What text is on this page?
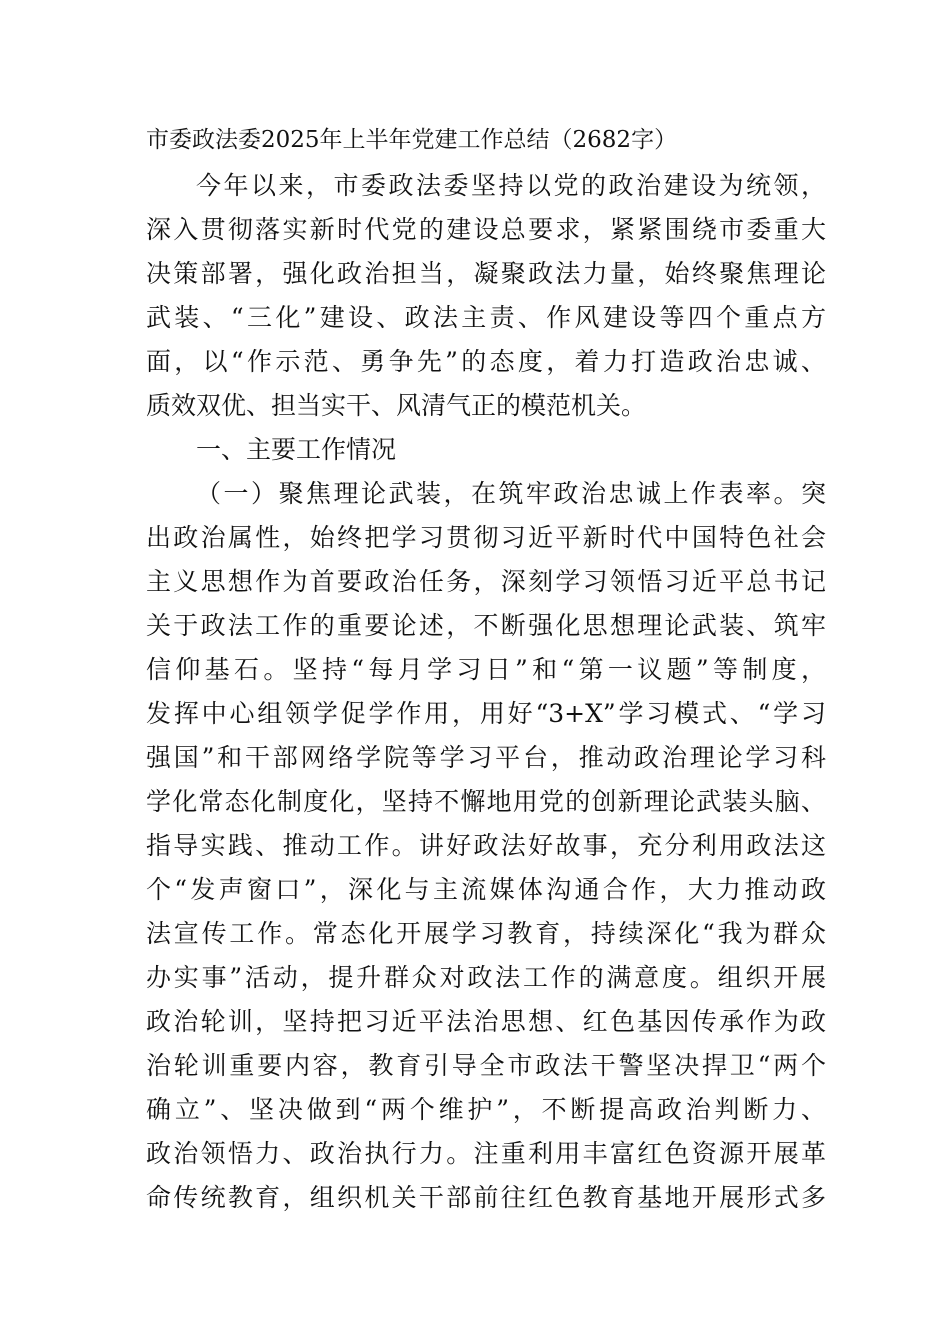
市委政法委2025年上半年党建工作总结（2682字）
今年以来，市委政法委坚持以党的政治建设为统领，
深入贯彻落实新时代党的建设总要求，紧紧围绕市委重大
决策部署，强化政治担当，凝聚政法力量，始终聚焦理论
武装、“三化”建设、政法主责、作风建设等四个重点方
面，以“作示范、勇争先”的态度，着力打造政治忠诚、
质效双优、担当实干、风清气正的模范机关。
一、主要工作情况
（一）聚焦理论武装，在筑牢政治忠诚上作表率。突
出政治属性，始终把学习贯彻习近平新时代中国特色社会
主义思想作为首要政治任务，深刻学习领悟习近平总书记
关于政法工作的重要论述，不断强化思想理论武装、筑牢
信仰基石。坚持“每月学习日”和“第一议题”等制度，
发挥中心组领学促学作用，用好“3+X”学习模式、“学习
强国”和干部网络学院等学习平台，推动政治理论学习科
学化常态化制度化，坚持不懈地用党的创新理论武装头脑、
指导实践、推动工作。讲好政法好故事，充分利用政法这
个“发声窗口”，深化与主流媒体沟通合作，大力推动政
法宣传工作。常态化开展学习教育，持续深化“我为群众
办实事”活动，提升群众对政法工作的满意度。组织开展
政治轮训，坚持把习近平法治思想、红色基因传承作为政
治轮训重要内容，教育引导全市政法干警坚决捍卫“两个
确立”、坚决做到“两个维护”，不断提高政治判断力、
政治领悟力、政治执行力。注重利用丰富红色资源开展革
命传统教育，组织机关干部前往红色教育基地开展形式多
